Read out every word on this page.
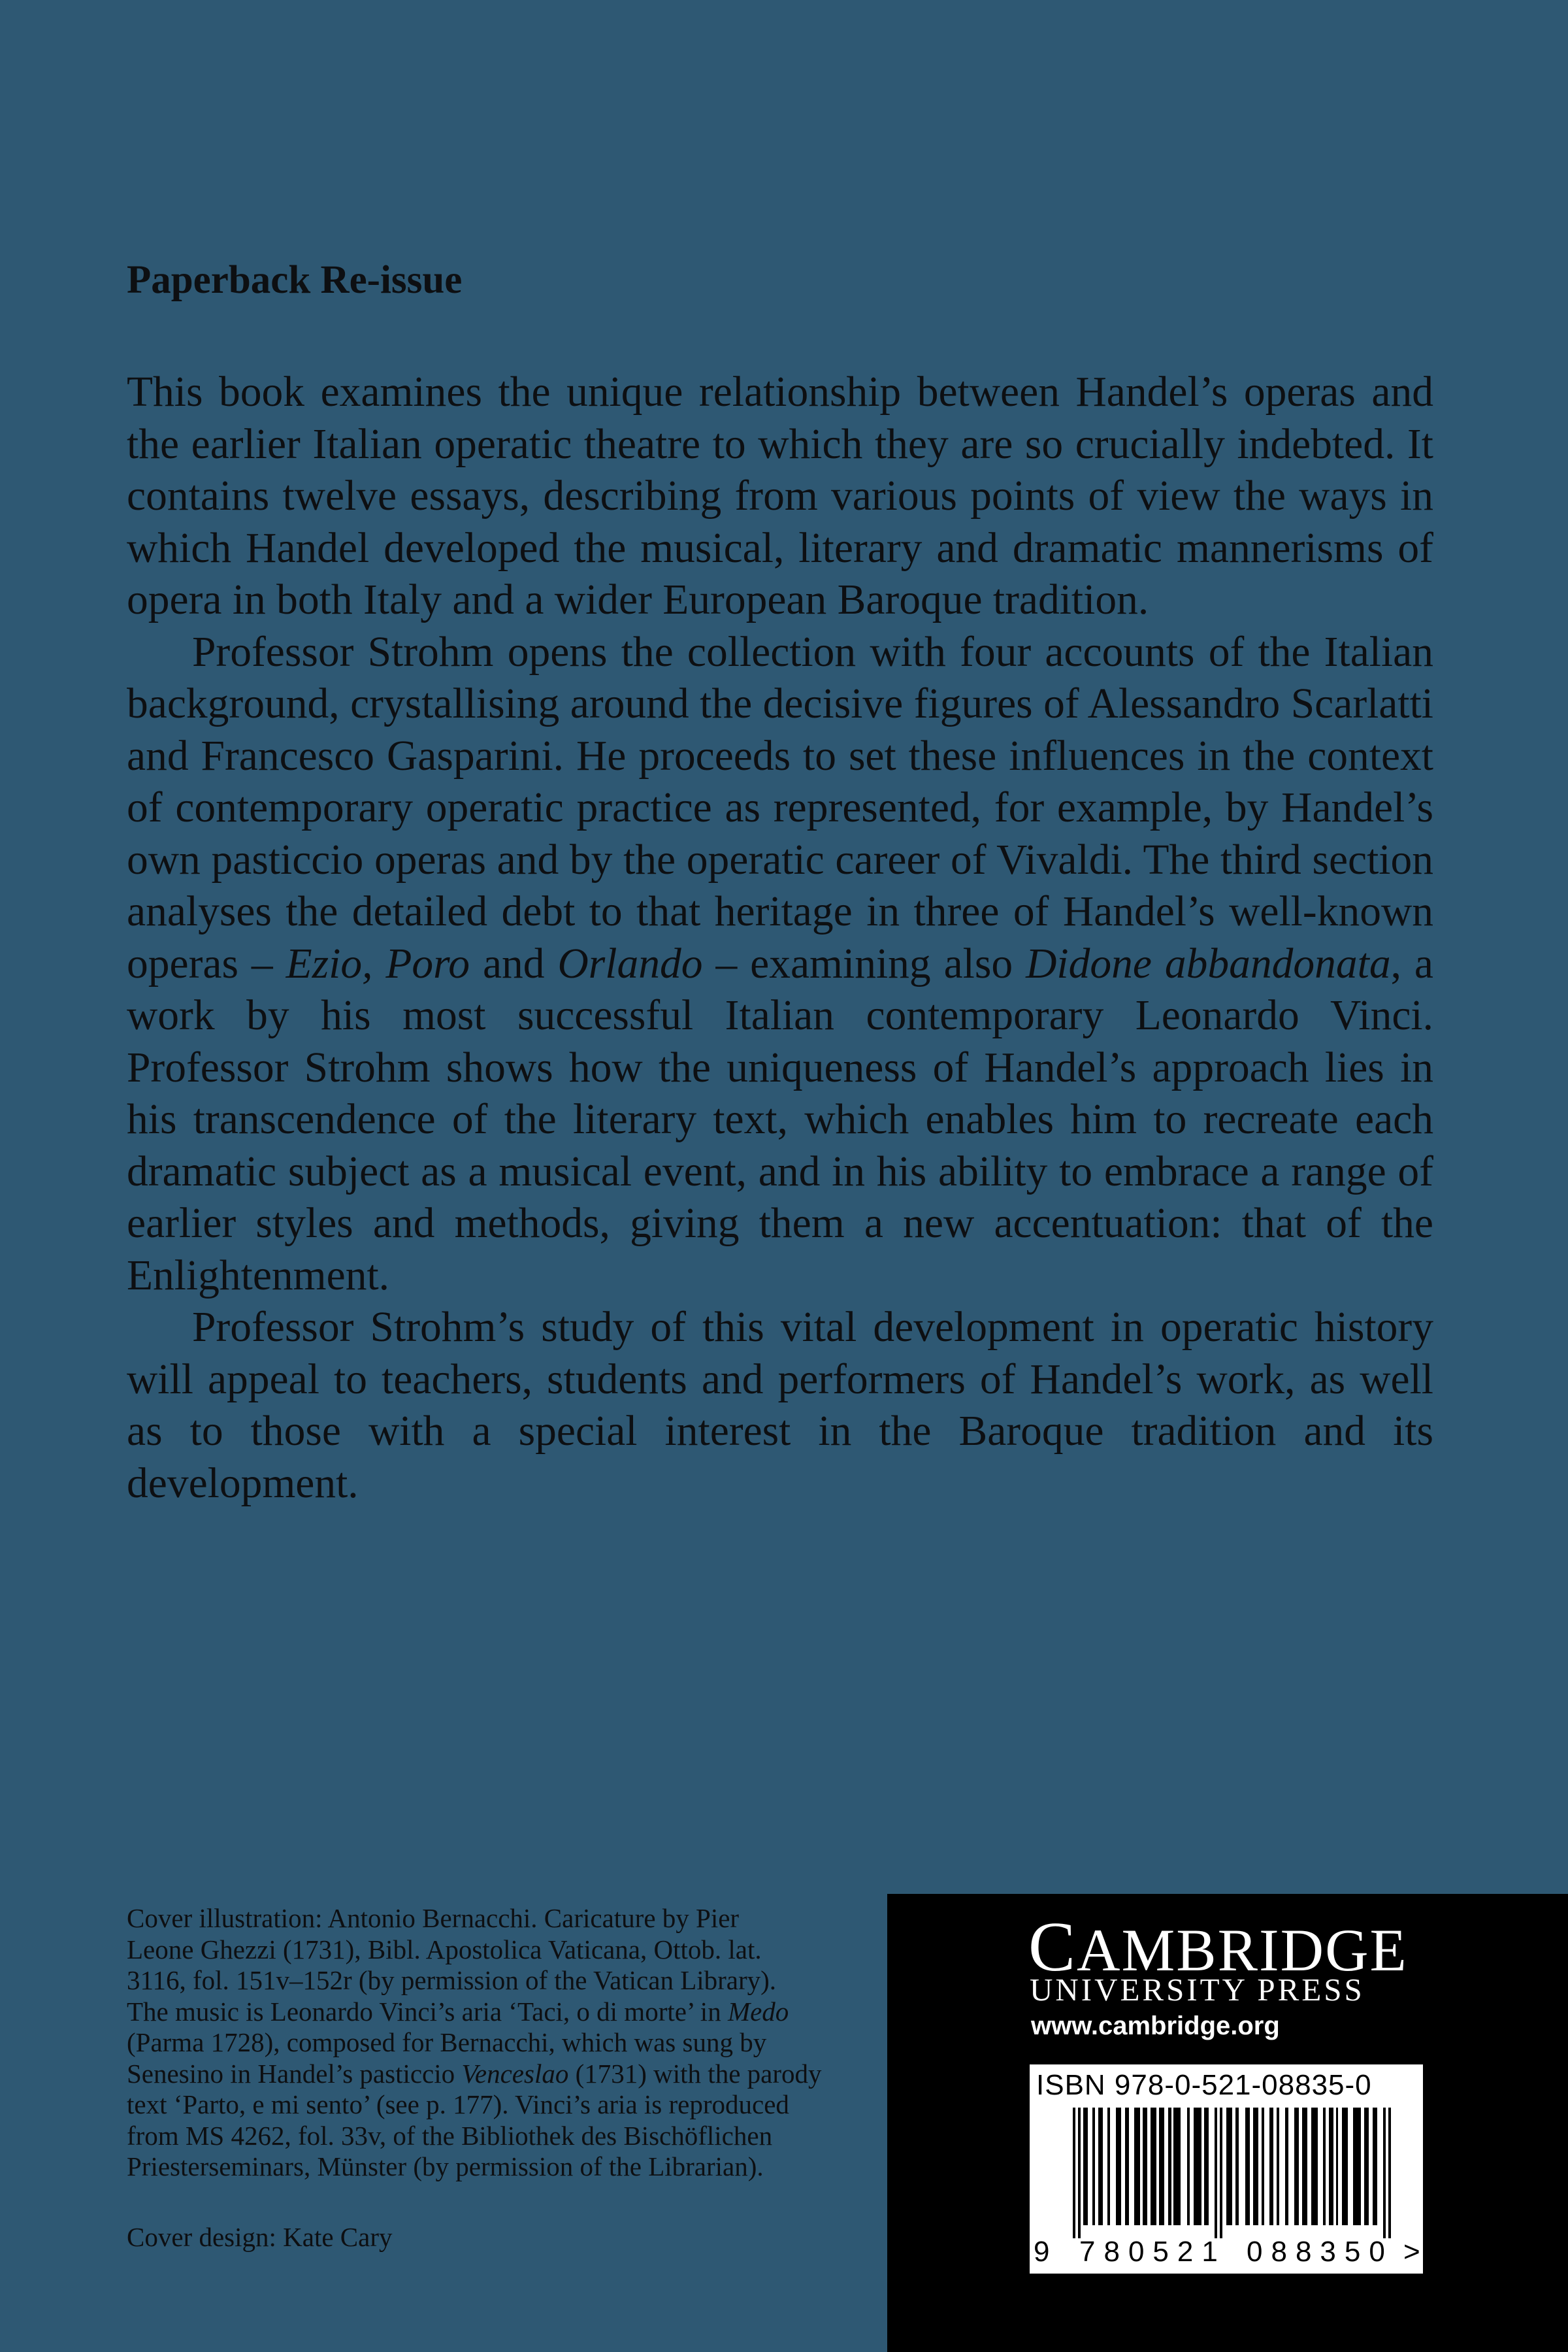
Paperback Re-issue

This book examines the unique relationship between Handel’s operas and the earlier Italian operatic theatre to which they are so crucially indebted. It contains twelve essays, describing from various points of view the ways in which Handel developed the musical, literary and dramatic mannerisms of opera in both Italy and a wider European Baroque tradition.

Professor Strohm opens the collection with four accounts of the Italian background, crystallising around the decisive figures of Alessandro Scarlatti and Francesco Gasparini. He proceeds to set these influences in the context of contemporary operatic practice as represented, for example, by Handel’s own pasticcio operas and by the operatic career of Vivaldi. The third section analyses the detailed debt to that heritage in three of Handel’s well-known operas – Ezio, Poro and Orlando – examining also Didone abbandonata, a work by his most successful Italian contemporary Leonardo Vinci. Professor Strohm shows how the uniqueness of Handel’s approach lies in his transcendence of the literary text, which enables him to recreate each dramatic subject as a musical event, and in his ability to embrace a range of earlier styles and methods, giving them a new accentuation: that of the Enlightenment.

Professor Strohm’s study of this vital development in operatic history will appeal to teachers, students and performers of Handel’s work, as well as to those with a special interest in the Baroque tradition and its development.

Cover illustration: Antonio Bernacchi. Caricature by Pier
Leone Ghezzi (1731), Bibl. Apostolica Vaticana, Ottob. lat.
3116, fol. 151v–152r (by permission of the Vatican Library).
The music is Leonardo Vinci’s aria ‘Taci, o di morte’ in Medo
(Parma 1728), composed for Bernacchi, which was sung by
Senesino in Handel’s pasticcio Venceslao (1731) with the parody
text ‘Parto, e mi sento’ (see p. 177). Vinci’s aria is reproduced
from MS 4262, fol. 33v, of the Bibliothek des Bischöflichen
Priesterseminars, Münster (by permission of the Librarian).
Cover design: Kate Cary
CAMBRIDGE
UNIVERSITY PRESS
www.cambridge.org
ISBN 978-0-521-08835-0
9 780521 088350 >
